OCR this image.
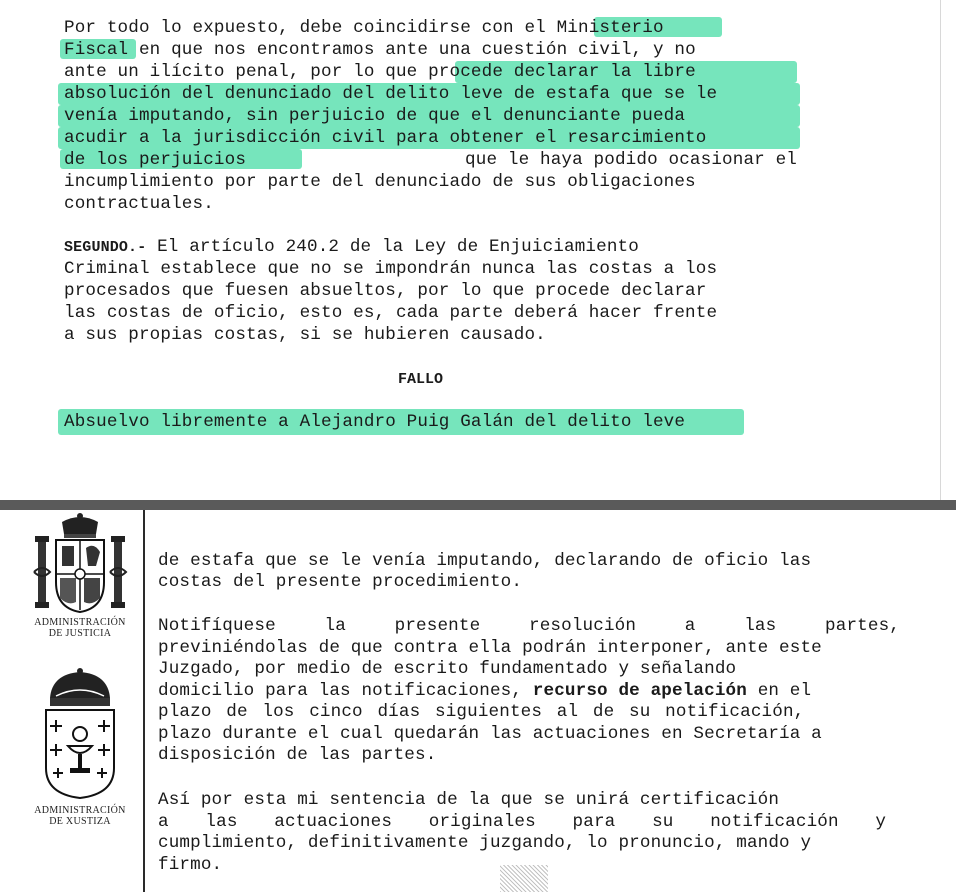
Por todo lo expuesto, debe coincidirse con el Ministerio
Fiscal en que nos encontramos ante una cuestión civil, y no
ante un ilícito penal, por lo que procede declarar la libre
absolución del denunciado del delito leve de estafa que se le
venía imputando, sin perjuicio de que el denunciante pueda
acudir a la jurisdicción civil para obtener el resarcimiento
de los perjuicios	que le haya podido ocasionar el
incumplimiento por parte del denunciado de sus obligaciones
contractuales.
SEGUNDO.- El artículo 240.2 de la Ley de Enjuiciamiento
Criminal establece que no se impondrán nunca las costas a los
procesados que fuesen absueltos, por lo que procede declarar
las costas de oficio, esto es, cada parte deberá hacer frente
a sus propias costas, si se hubieren causado.
FALLO
Absuelvo libremente a Alejandro Puig Galán del delito leve
ADMINISTRACIÓN
DE JUSTICIA
ADMINISTRACIÓN
DE XUSTIZA
de estafa que se le venía imputando, declarando de oficio las
costas del presente procedimiento.
Notifíquese la presente resolución a las partes,
previniéndolas de que contra ella podrán interponer, ante este
Juzgado, por medio de escrito fundamentado y señalando
domicilio para las notificaciones, recurso de apelación en el
plazo de los cinco días siguientes al de su notificación,
plazo durante el cual quedarán las actuaciones en Secretaría a
disposición de las partes.
Así por esta mi sentencia de la que se unirá certificación
a las actuaciones originales para su notificación y
cumplimiento, definitivamente juzgando, lo pronuncio, mando y
firmo.
